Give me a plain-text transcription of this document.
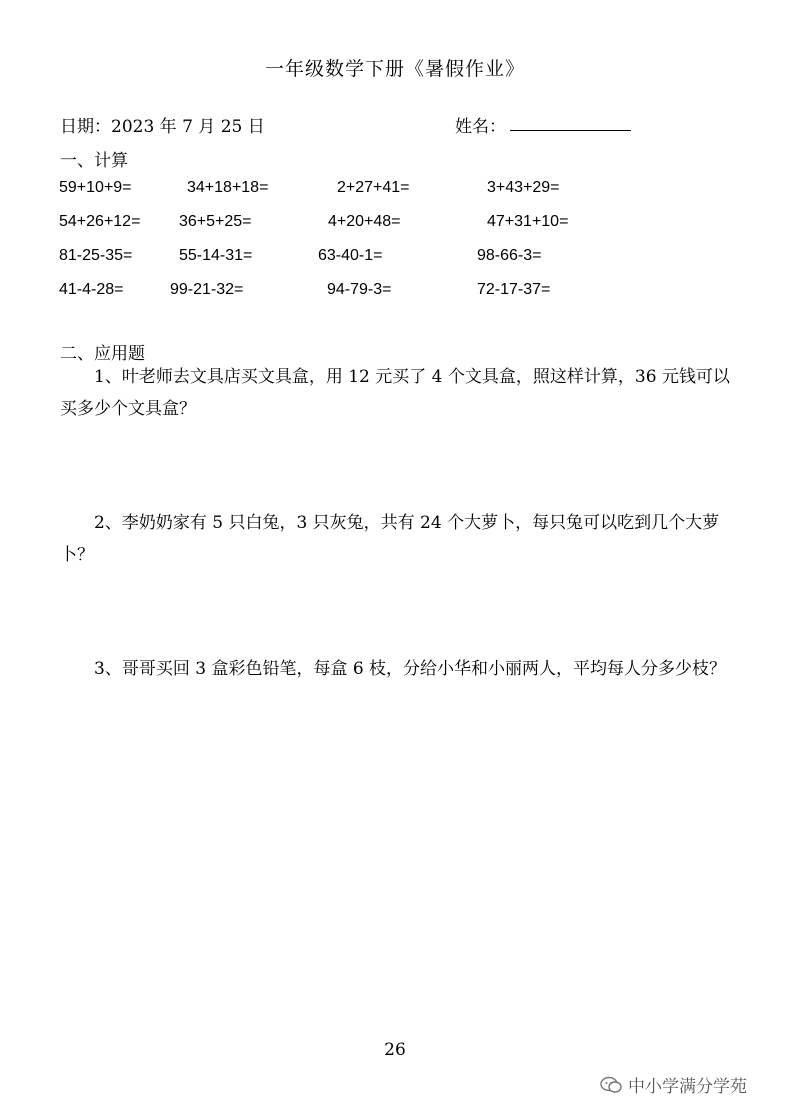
一年级数学下册《暑假作业》
日期：2023 年 7 月 25 日	姓名：
一、计算
59+10+9=	34+18+18=	2+27+41=	3+43+29=
54+26+12= 36+5+25=	4+20+48=	47+31+10=
81-25-35=	55-14-31=	63-40-1=	98-66-3=
41-4-28=	99-21-32=	94-79-3=	72-17-37=
二、应用题
1、叶老师去文具店买文具盒，用 12 元买了 4 个文具盒，照这样计算，36 元钱可以买多少个文具盒？
2、李奶奶家有 5 只白兔，3 只灰兔，共有 24 个大萝卜，每只兔可以吃到几个大萝卜？
3、哥哥买回 3 盒彩色铅笔，每盒 6 枝，分给小华和小丽两人，平均每人分多少枝？
26
中小学满分学苑
